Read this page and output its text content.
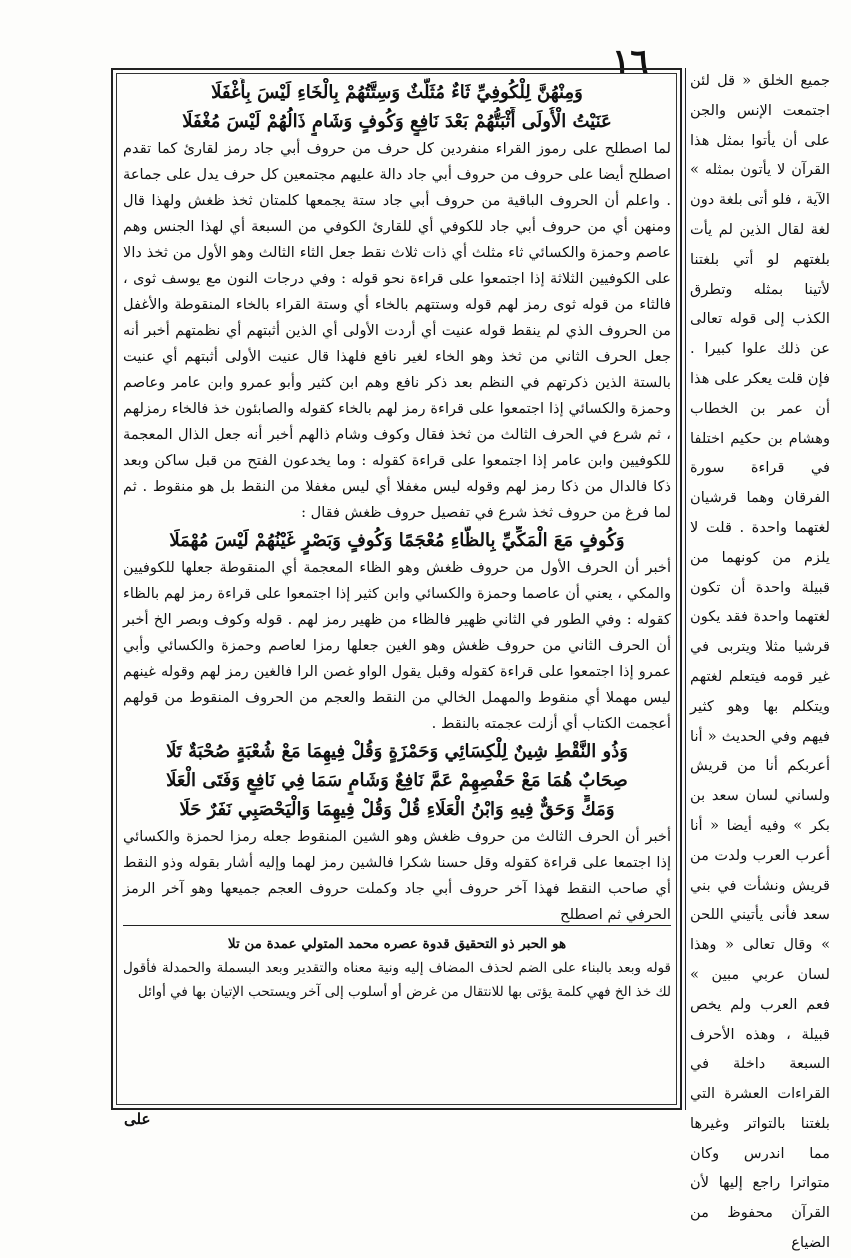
١٦
وَمِنْهُنَّ لِلْكُوفِيِّ ثَاءٌ مُثَلَّثٌ وَسِتَّتُهُمْ بِالْخَاءِ لَيْسَ بِأَغْفَلَا
عَنَيْتُ الْأُولَى أَثْبَتُّهُمْ بَعْدَ نَافِعٍ وَكُوفٍ وَشَامٍ ذَالُهُمْ لَيْسَ مُغْفَلَا

لما اصطلح على رموز القراء منفردين كل حرف من حروف أبي جاد رمز لقارئ كما تقدم اصطلح أيضا على حروف من حروف أبي جاد دالة عليهم مجتمعين كل حرف يدل على جماعة . واعلم أن الحروف الباقية من حروف أبي جاد ستة يجمعها كلمتان ثخذ ظغش ولهذا قال ومنهن أي من حروف أبي جاد للكوفي أي للقارئ الكوفي من السبعة أي لهذا الجنس وهم عاصم وحمزة والكسائي ثاء مثلث أي ذات ثلاث نقط جعل الثاء الثالث وهو الأول من ثخذ دالا على الكوفيين الثلاثة إذا اجتمعوا على قراءة نحو قوله : وفي درجات النون مع يوسف ثوى ، فالثاء من قوله ثوى رمز لهم قوله وستتهم بالخاء أي وستة القراء بالخاء المنقوطة والأغفل من الحروف الذي لم ينقط قوله عنيت أي أردت الأولى أي الذين أثبتهم أي نظمتهم أخبر أنه جعل الحرف الثاني من ثخذ وهو الخاء لغير نافع فلهذا قال عنيت الأولى أثبتهم أي عنيت بالستة الذين ذكرتهم في النظم بعد ذكر نافع وهم ابن كثير وأبو عمرو وابن عامر وعاصم وحمزة والكسائي إذا اجتمعوا على قراءة رمز لهم بالخاء كقوله والصابئون خذ فالخاء رمزلهم ، ثم شرع في الحرف الثالث من ثخذ فقال وكوف وشام ذالهم أخبر أنه جعل الذال المعجمة للكوفيين وابن عامر إذا اجتمعوا على قراءة كقوله : وما يخدعون الفتح من قبل ساكن وبعد ذكا فالدال من ذكا رمز لهم وقوله ليس مغفلا أي ليس مغفلا من النقط بل هو منقوط . ثم لما فرغ من حروف ثخذ شرع في تفصيل حروف ظغش فقال :

وَكُوفٍ مَعَ الْمَكِّيِّ بِالظَّاءِ مُعْجَمًا وَكُوفٍ وَبَصْرٍ غَيْنُهُمْ لَيْسَ مُهْمَلَا

أخبر أن الحرف الأول من حروف ظغش وهو الظاء المعجمة أي المنقوطة جعلها للكوفيين والمكي ، يعني أن عاصما وحمزة والكسائي وابن كثير إذا اجتمعوا على قراءة رمز لهم بالظاء كقوله : وفي الطور في الثاني ظهير فالظاء من ظهير رمز لهم . قوله وكوف وبصر الخ أخبر أن الحرف الثاني من حروف ظغش وهو الغين جعلها رمزا لعاصم وحمزة والكسائي وأبي عمرو إذا اجتمعوا على قراءة كقوله وقبل يقول الواو غصن الرا فالغين رمز لهم وقوله غينهم ليس مهملا أي منقوط والمهمل الخالي من النقط والعجم من الحروف المنقوط من قولهم أعجمت الكتاب أي أزلت عجمته بالنقط .

وَذُو النَّقْطِ شِينٌ لِلْكِسَائِي وَحَمْزَةٍ وَقُلْ فِيهِمَا مَعْ شُعْبَةٍ صُحْبَةٌ تَلَا
صِحَابٌ هُمَا مَعْ حَفْصِهِمْ عَمَّ نَافِعٌ وَشَامٍ سَمَا فِي نَافِعٍ وَفَتَى الْعَلَا
وَمَكٍّ وَحَقٌّ فِيهِ وَابْنُ الْعَلَاءِ قُلْ وَقُلْ فِيهِمَا وَالْيَحْصَبِي نَفَرٌ حَلَا

أخبر أن الحرف الثالث من حروف ظغش وهو الشين المنقوط جعله رمزا لحمزة والكسائي إذا اجتمعا على قراءة كقوله وقل حسنا شكرا فالشين رمز لهما وإليه أشار بقوله وذو النقط أي صاحب النقط فهذا آخر حروف أبي جاد وكملت حروف العجم جميعها وهو آخر الرمز الحرفي ثم اصطلح

هو الحبر ذو التحقيق قدوة عصره محمد المتولي عمدة من تلا
قوله وبعد بالبناء على الضم لحذف المضاف إليه ونية معناه والتقدير وبعد البسملة والحمدلة فأقول لك خذ الخ فهي كلمة يؤتى بها للانتقال من غرض أو أسلوب إلى آخر ويستحب الإتيان بها في أوائل

جميع الخلق « قل لئن اجتمعت الإنس والجن على أن يأتوا بمثل هذا القرآن لا يأتون بمثله » الآية ، فلو أتى بلغة دون لغة لقال الذين لم يأت بلغتهم لو أتي بلغتنا لأتينا بمثله وتطرق الكذب إلى قوله تعالى عن ذلك علوا كبيرا . فإن قلت يعكر على هذا أن عمر بن الخطاب وهشام بن حكيم اختلفا في قراءة سورة الفرقان وهما قرشيان لغتهما واحدة . قلت لا يلزم من كونهما من قبيلة واحدة أن تكون لغتهما واحدة فقد يكون قرشيا مثلا ويتربى في غير قومه فيتعلم لغتهم ويتكلم بها وهو كثير فيهم وفي الحديث « أنا أعربكم أنا من قريش ولساني لسان سعد بن بكر » وفيه أيضا « أنا أعرب العرب ولدت من قريش ونشأت في بني سعد فأنى يأتيني اللحن » وقال تعالى « وهذا لسان عربي مبين » فعم العرب ولم يخص قبيلة ، وهذه الأحرف السبعة داخلة في القراءات العشرة التي بلغتنا بالتواتر وغيرها مما اندرس وكان متواترا راجع إليها لأن القرآن محفوظ من الضياع

على
